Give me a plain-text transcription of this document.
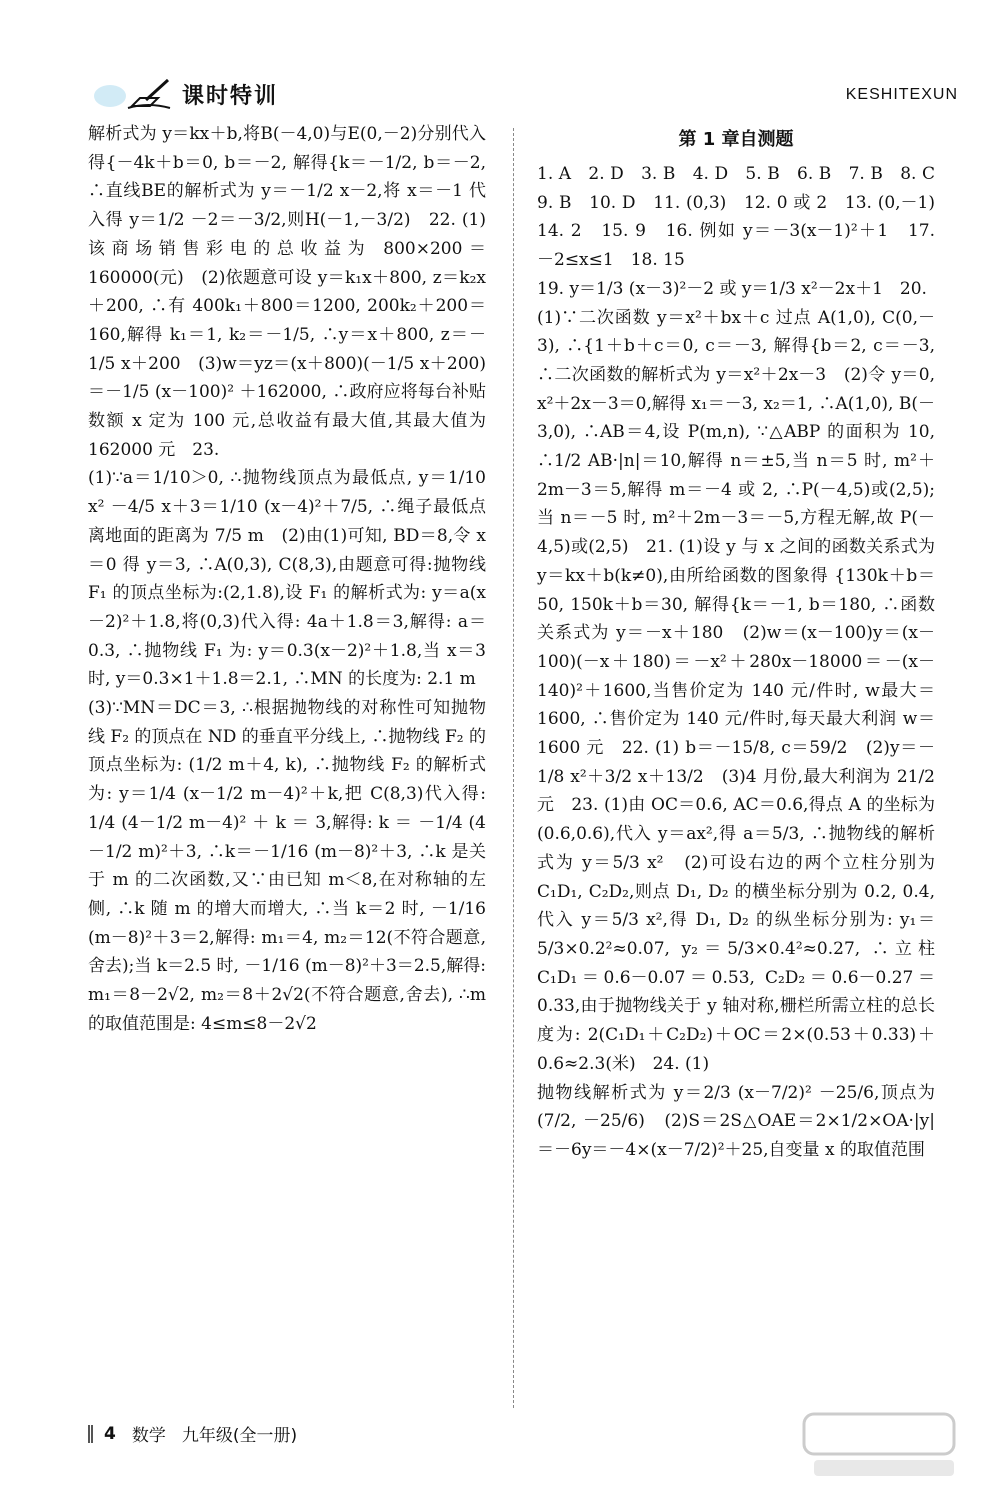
课时特训	KESHITEXUN

解析式为 y＝kx＋b,将B(－4,0)与E(0,－2)分别代入得{－4k＋b＝0, b＝－2, 解得{k＝－1/2, b＝－2, ∴直线BE的解析式为 y＝－1/2 x－2,将 x＝－1 代入得 y＝1/2 －2＝－3/2,则H(－1,－3/2)　22. (1)该商场销售彩电的总收益为 800×200＝160000(元)　(2)依题意可设 y＝k₁x＋800, z＝k₂x＋200, ∴有 400k₁＋800＝1200, 200k₂＋200＝160,解得 k₁＝1, k₂＝－1/5, ∴y＝x＋800, z＝－1/5 x＋200　(3)w＝yz＝(x＋800)(－1/5 x＋200)＝－1/5 (x－100)² ＋162000, ∴政府应将每台补贴数额 x 定为 100 元,总收益有最大值,其最大值为 162000 元　23.

(1)∵a＝1/10＞0, ∴抛物线顶点为最低点, y＝1/10 x² －4/5 x＋3＝1/10 (x－4)²＋7/5, ∴绳子最低点离地面的距离为 7/5 m　(2)由(1)可知, BD＝8,令 x＝0 得 y＝3, ∴A(0,3), C(8,3),由题意可得:抛物线 F₁ 的顶点坐标为:(2,1.8),设 F₁ 的解析式为: y＝a(x－2)²＋1.8,将(0,3)代入得: 4a＋1.8＝3,解得: a＝0.3, ∴抛物线 F₁ 为: y＝0.3(x－2)²＋1.8,当 x＝3 时, y＝0.3×1＋1.8＝2.1, ∴MN 的长度为: 2.1 m

(3)∵MN＝DC＝3, ∴根据抛物线的对称性可知抛物线 F₂ 的顶点在 ND 的垂直平分线上, ∴抛物线 F₂ 的顶点坐标为: (1/2 m＋4, k), ∴抛物线 F₂ 的解析式为: y＝1/4 (x－1/2 m－4)²＋k,把 C(8,3)代入得: 1/4 (4－1/2 m－4)² ＋ k ＝ 3,解得: k ＝ －1/4 (4－1/2 m)²＋3, ∴k＝－1/16 (m－8)²＋3, ∴k 是关于 m 的二次函数,又∵由已知 m＜8,在对称轴的左侧, ∴k 随 m 的增大而增大, ∴当 k＝2 时, －1/16 (m－8)²＋3＝2,解得: m₁＝4, m₂＝12(不符合题意,舍去);当 k＝2.5 时, －1/16 (m－8)²＋3＝2.5,解得: m₁＝8－2√2, m₂＝8＋2√2(不符合题意,舍去), ∴m 的取值范围是: 4≤m≤8－2√2

第 1 章自测题

1. A　2. D　3. B　4. D　5. B　6. B　7. B　8. C　9. B　10. D　11. (0,3)　12. 0 或 2　13. (0,－1)　14. 2　15. 9　16. 例如 y＝－3(x－1)²＋1　17. －2≤x≤1　18. 15

19. y＝1/3 (x－3)²－2 或 y＝1/3 x²－2x＋1　20.

(1)∵二次函数 y＝x²＋bx＋c 过点 A(1,0), C(0,－3), ∴{1＋b＋c＝0, c＝－3, 解得{b＝2, c＝－3, ∴二次函数的解析式为 y＝x²＋2x－3　(2)令 y＝0, x²＋2x－3＝0,解得 x₁＝－3, x₂＝1, ∴A(1,0), B(－3,0), ∴AB＝4,设 P(m,n), ∵△ABP 的面积为 10, ∴1/2 AB·|n|＝10,解得 n＝±5,当 n＝5 时, m²＋2m－3＝5,解得 m＝－4 或 2, ∴P(－4,5)或(2,5);当 n＝－5 时, m²＋2m－3＝－5,方程无解,故 P(－4,5)或(2,5)　21. (1)设 y 与 x 之间的函数关系式为 y＝kx＋b(k≠0),由所给函数的图象得 {130k＋b＝50, 150k＋b＝30, 解得{k＝－1, b＝180, ∴函数关系式为 y＝－x＋180　(2)w＝(x－100)y＝(x－100)(－x＋180)＝－x²＋280x－18000＝－(x－140)²＋1600,当售价定为 140 元/件时, w最大＝1600, ∴售价定为 140 元/件时,每天最大利润 w＝1600 元　22. (1) b＝－15/8, c＝59/2　(2)y＝－1/8 x²＋3/2 x＋13/2　(3)4 月份,最大利润为 21/2 元　23. (1)由 OC＝0.6, AC＝0.6,得点 A 的坐标为(0.6,0.6),代入 y＝ax²,得 a＝5/3, ∴抛物线的解析式为 y＝5/3 x²　(2)可设右边的两个立柱分别为 C₁D₁, C₂D₂,则点 D₁, D₂ 的横坐标分别为 0.2, 0.4,代入 y＝5/3 x²,得 D₁, D₂ 的纵坐标分别为: y₁＝5/3×0.2²≈0.07, y₂＝5/3×0.4²≈0.27, ∴立柱 C₁D₁＝0.6－0.07＝0.53, C₂D₂＝0.6－0.27＝0.33,由于抛物线关于 y 轴对称,栅栏所需立柱的总长度为: 2(C₁D₁＋C₂D₂)＋OC＝2×(0.53＋0.33)＋0.6≈2.3(米)　24. (1)

抛物线解析式为 y＝2/3 (x－7/2)² －25/6,顶点为 (7/2, －25/6)　(2)S＝2S△OAE＝2×1/2×OA·|y|＝－6y＝－4×(x－7/2)²＋25,自变量 x 的取值范围

4 数学 九年级(全一册)
